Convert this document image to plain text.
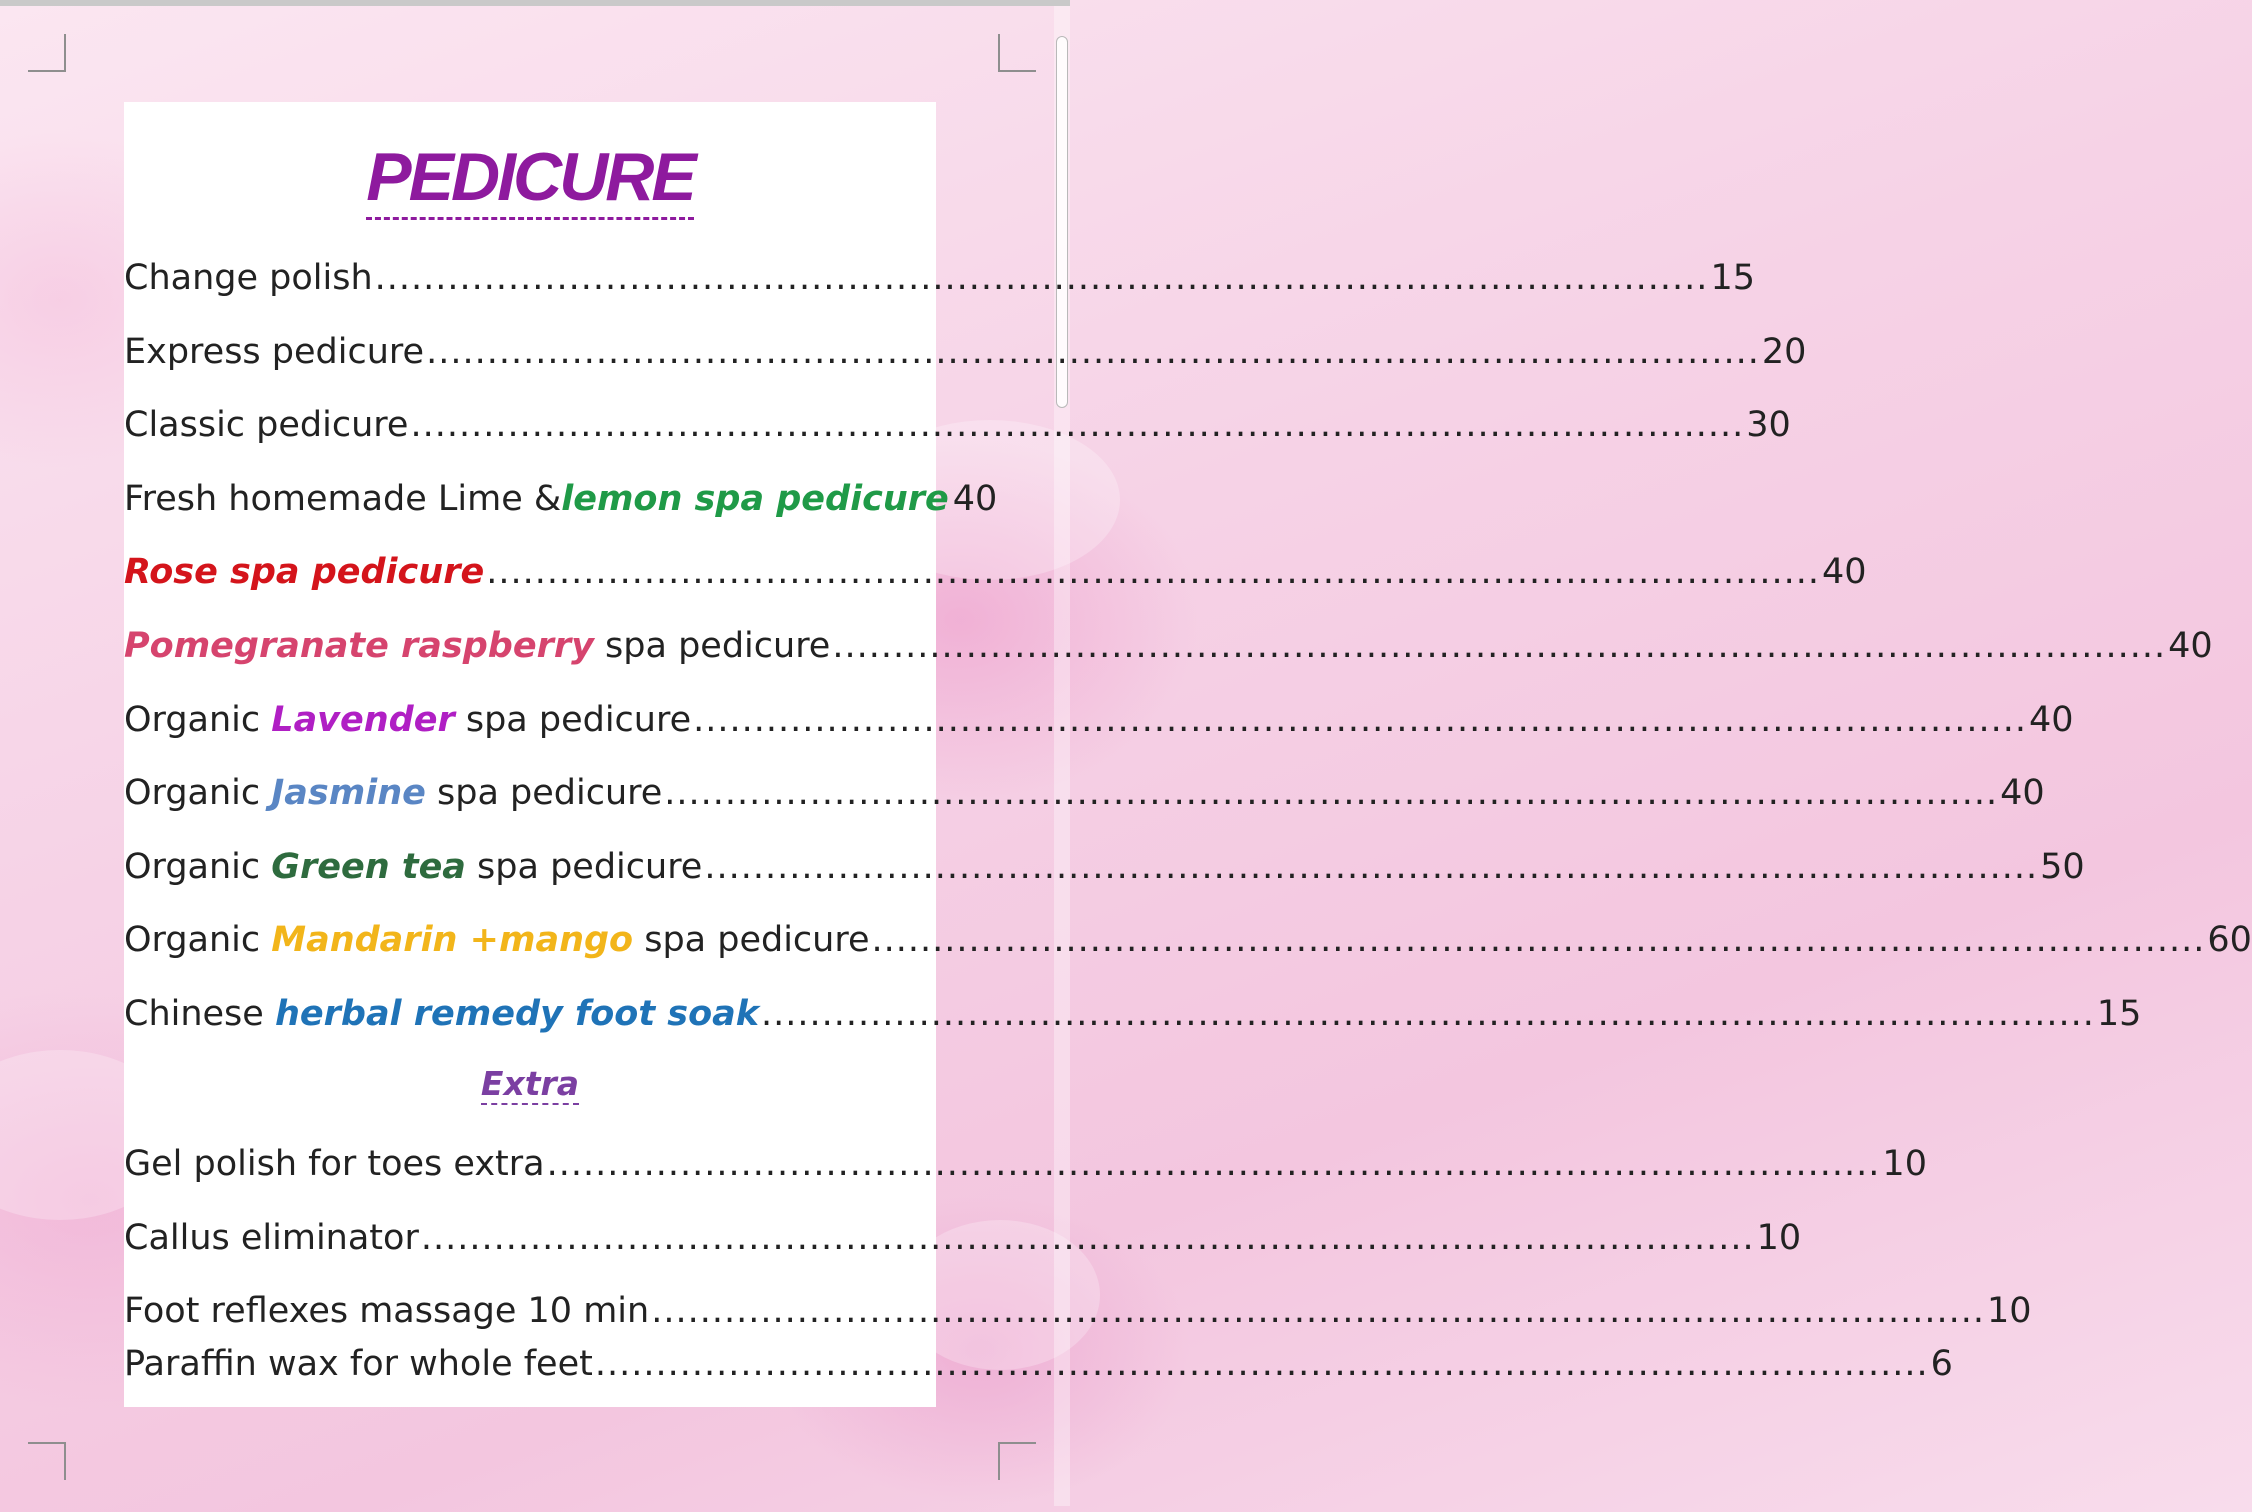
PEDICURE
Change polish .............................................................................................................. 15
Express pedicure .............................................................................................................. 20
Classic pedicure .............................................................................................................. 30
Fresh homemade Lime &lemon spa pedicure 40
Rose spa pedicure .............................................................................................................. 40
Pomegranate raspberry spa pedicure .............................................................................................................. 40
Organic Lavender spa pedicure .............................................................................................................. 40
Organic Jasmine spa pedicure .............................................................................................................. 40
Organic Green tea spa pedicure .............................................................................................................. 50
Organic Mandarin +mango spa pedicure .............................................................................................................. 60
Chinese herbal remedy foot soak .............................................................................................................. 15
Extra
Gel polish for toes extra .............................................................................................................. 10
Callus eliminator .............................................................................................................. 10
Foot reflexes massage 10 min .............................................................................................................. 10
Paraffin wax for whole feet .............................................................................................................. 6
